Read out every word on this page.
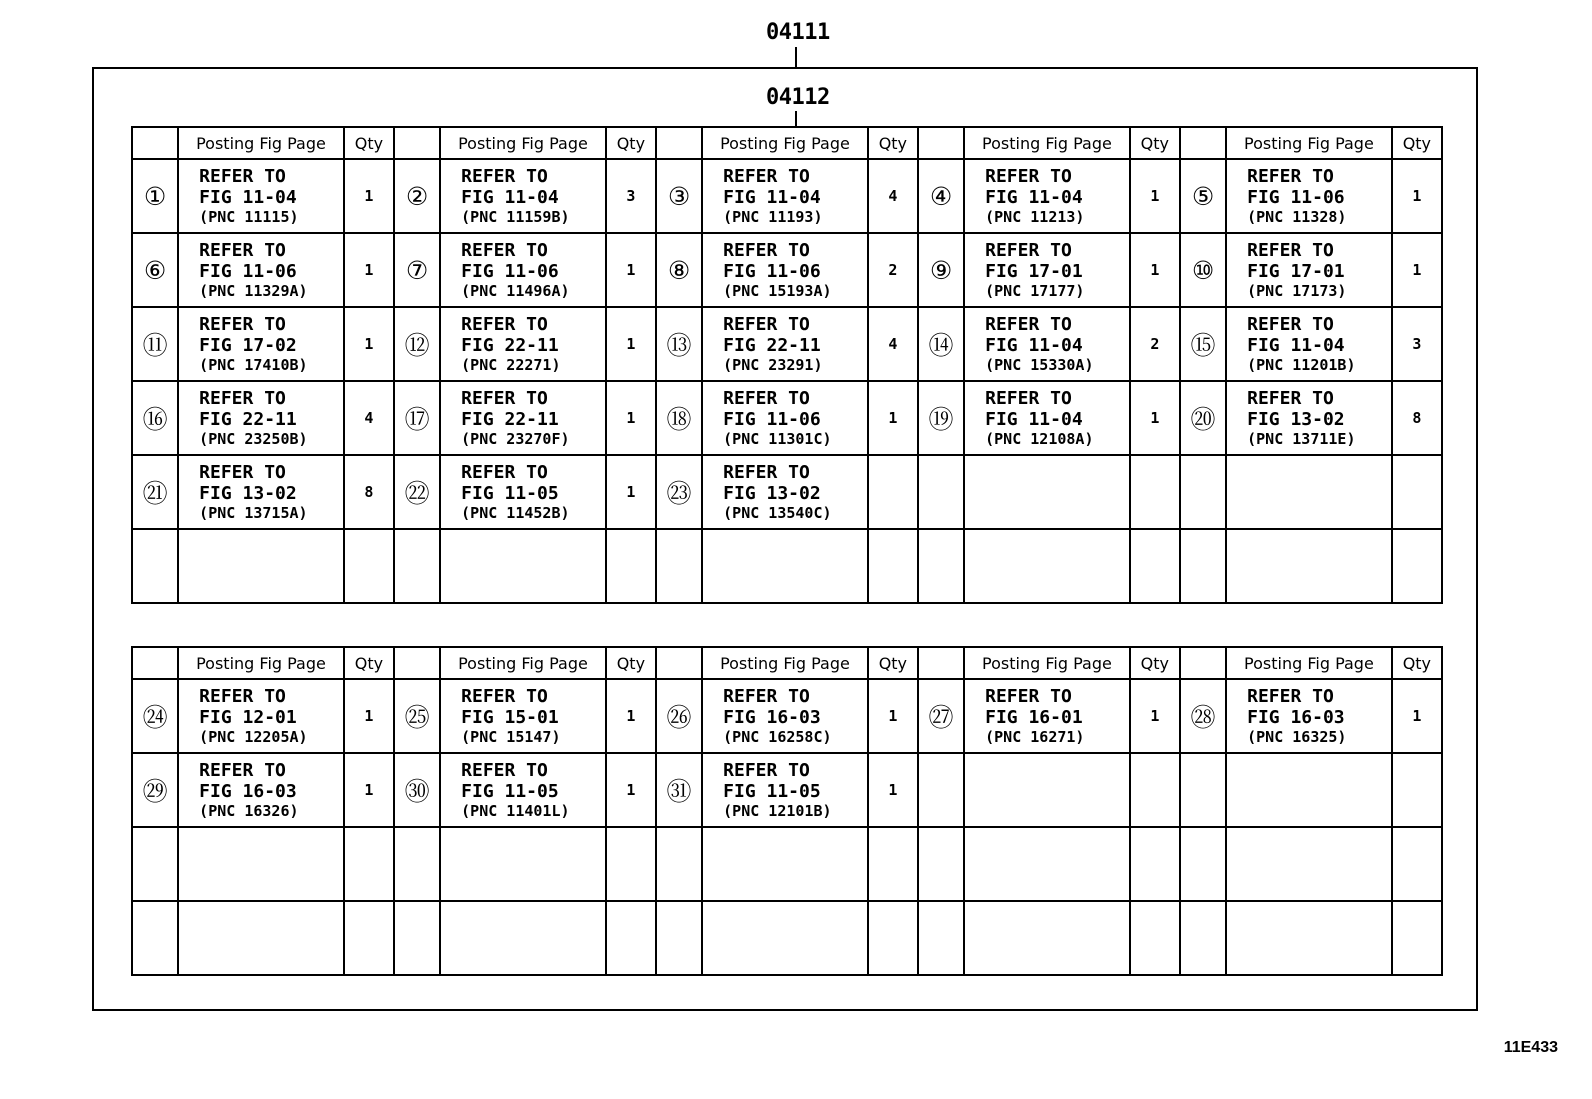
04111
04112
	Posting Fig Page	Qty		Posting Fig Page	Qty		Posting Fig Page	Qty		Posting Fig Page	Qty		Posting Fig Page	Qty
①	REFER TO
FIG 11-04
(PNC 11115)	1	②	REFER TO
FIG 11-04
(PNC 11159B)	3	③	REFER TO
FIG 11-04
(PNC 11193)	4	④	REFER TO
FIG 11-04
(PNC 11213)	1	⑤	REFER TO
FIG 11-06
(PNC 11328)	1
⑥	REFER TO
FIG 11-06
(PNC 11329A)	1	⑦	REFER TO
FIG 11-06
(PNC 11496A)	1	⑧	REFER TO
FIG 11-06
(PNC 15193A)	2	⑨	REFER TO
FIG 17-01
(PNC 17177)	1	⑩	REFER TO
FIG 17-01
(PNC 17173)	1
⑪	REFER TO
FIG 17-02
(PNC 17410B)	1	⑫	REFER TO
FIG 22-11
(PNC 22271)	1	⑬	REFER TO
FIG 22-11
(PNC 23291)	4	⑭	REFER TO
FIG 11-04
(PNC 15330A)	2	⑮	REFER TO
FIG 11-04
(PNC 11201B)	3
⑯	REFER TO
FIG 22-11
(PNC 23250B)	4	⑰	REFER TO
FIG 22-11
(PNC 23270F)	1	⑱	REFER TO
FIG 11-06
(PNC 11301C)	1	⑲	REFER TO
FIG 11-04
(PNC 12108A)	1	⑳	REFER TO
FIG 13-02
(PNC 13711E)	8
㉑	REFER TO
FIG 13-02
(PNC 13715A)	8	㉒	REFER TO
FIG 11-05
(PNC 11452B)	1	㉓	REFER TO
FIG 13-02
(PNC 13540C)							

	Posting Fig Page	Qty		Posting Fig Page	Qty		Posting Fig Page	Qty		Posting Fig Page	Qty		Posting Fig Page	Qty
㉔	REFER TO
FIG 12-01
(PNC 12205A)	1	㉕	REFER TO
FIG 15-01
(PNC 15147)	1	㉖	REFER TO
FIG 16-03
(PNC 16258C)	1	㉗	REFER TO
FIG 16-01
(PNC 16271)	1	㉘	REFER TO
FIG 16-03
(PNC 16325)	1
㉙	REFER TO
FIG 16-03
(PNC 16326)	1	㉚	REFER TO
FIG 11-05
(PNC 11401L)	1	㉛	REFER TO
FIG 11-05
(PNC 12101B)	1		

11E433
